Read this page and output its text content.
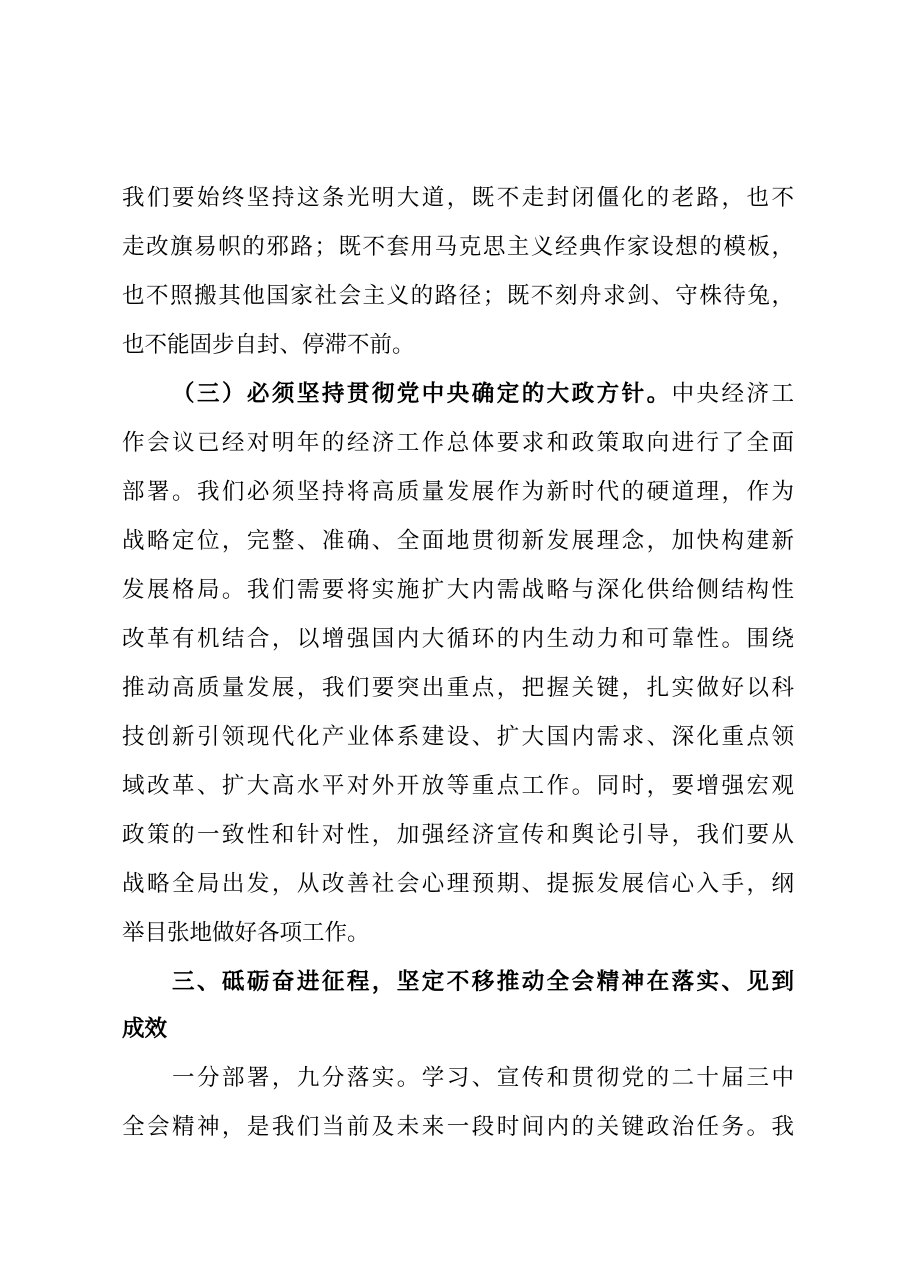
我们要始终坚持这条光明大道，既不走封闭僵化的老路，也不
走改旗易帜的邪路；既不套用马克思主义经典作家设想的模板，
也不照搬其他国家社会主义的路径；既不刻舟求剑、守株待兔，
也不能固步自封、停滞不前。
（三）必须坚持贯彻党中央确定的大政方针。中央经济工
作会议已经对明年的经济工作总体要求和政策取向进行了全面
部署。我们必须坚持将高质量发展作为新时代的硬道理，作为
战略定位，完整、准确、全面地贯彻新发展理念，加快构建新
发展格局。我们需要将实施扩大内需战略与深化供给侧结构性
改革有机结合，以增强国内大循环的内生动力和可靠性。围绕
推动高质量发展，我们要突出重点，把握关键，扎实做好以科
技创新引领现代化产业体系建设、扩大国内需求、深化重点领
域改革、扩大高水平对外开放等重点工作。同时，要增强宏观
政策的一致性和针对性，加强经济宣传和舆论引导，我们要从
战略全局出发，从改善社会心理预期、提振发展信心入手，纲
举目张地做好各项工作。
三、砥砺奋进征程，坚定不移推动全会精神在落实、见到
成效
一分部署，九分落实。学习、宣传和贯彻党的二十届三中
全会精神，是我们当前及未来一段时间内的关键政治任务。我
